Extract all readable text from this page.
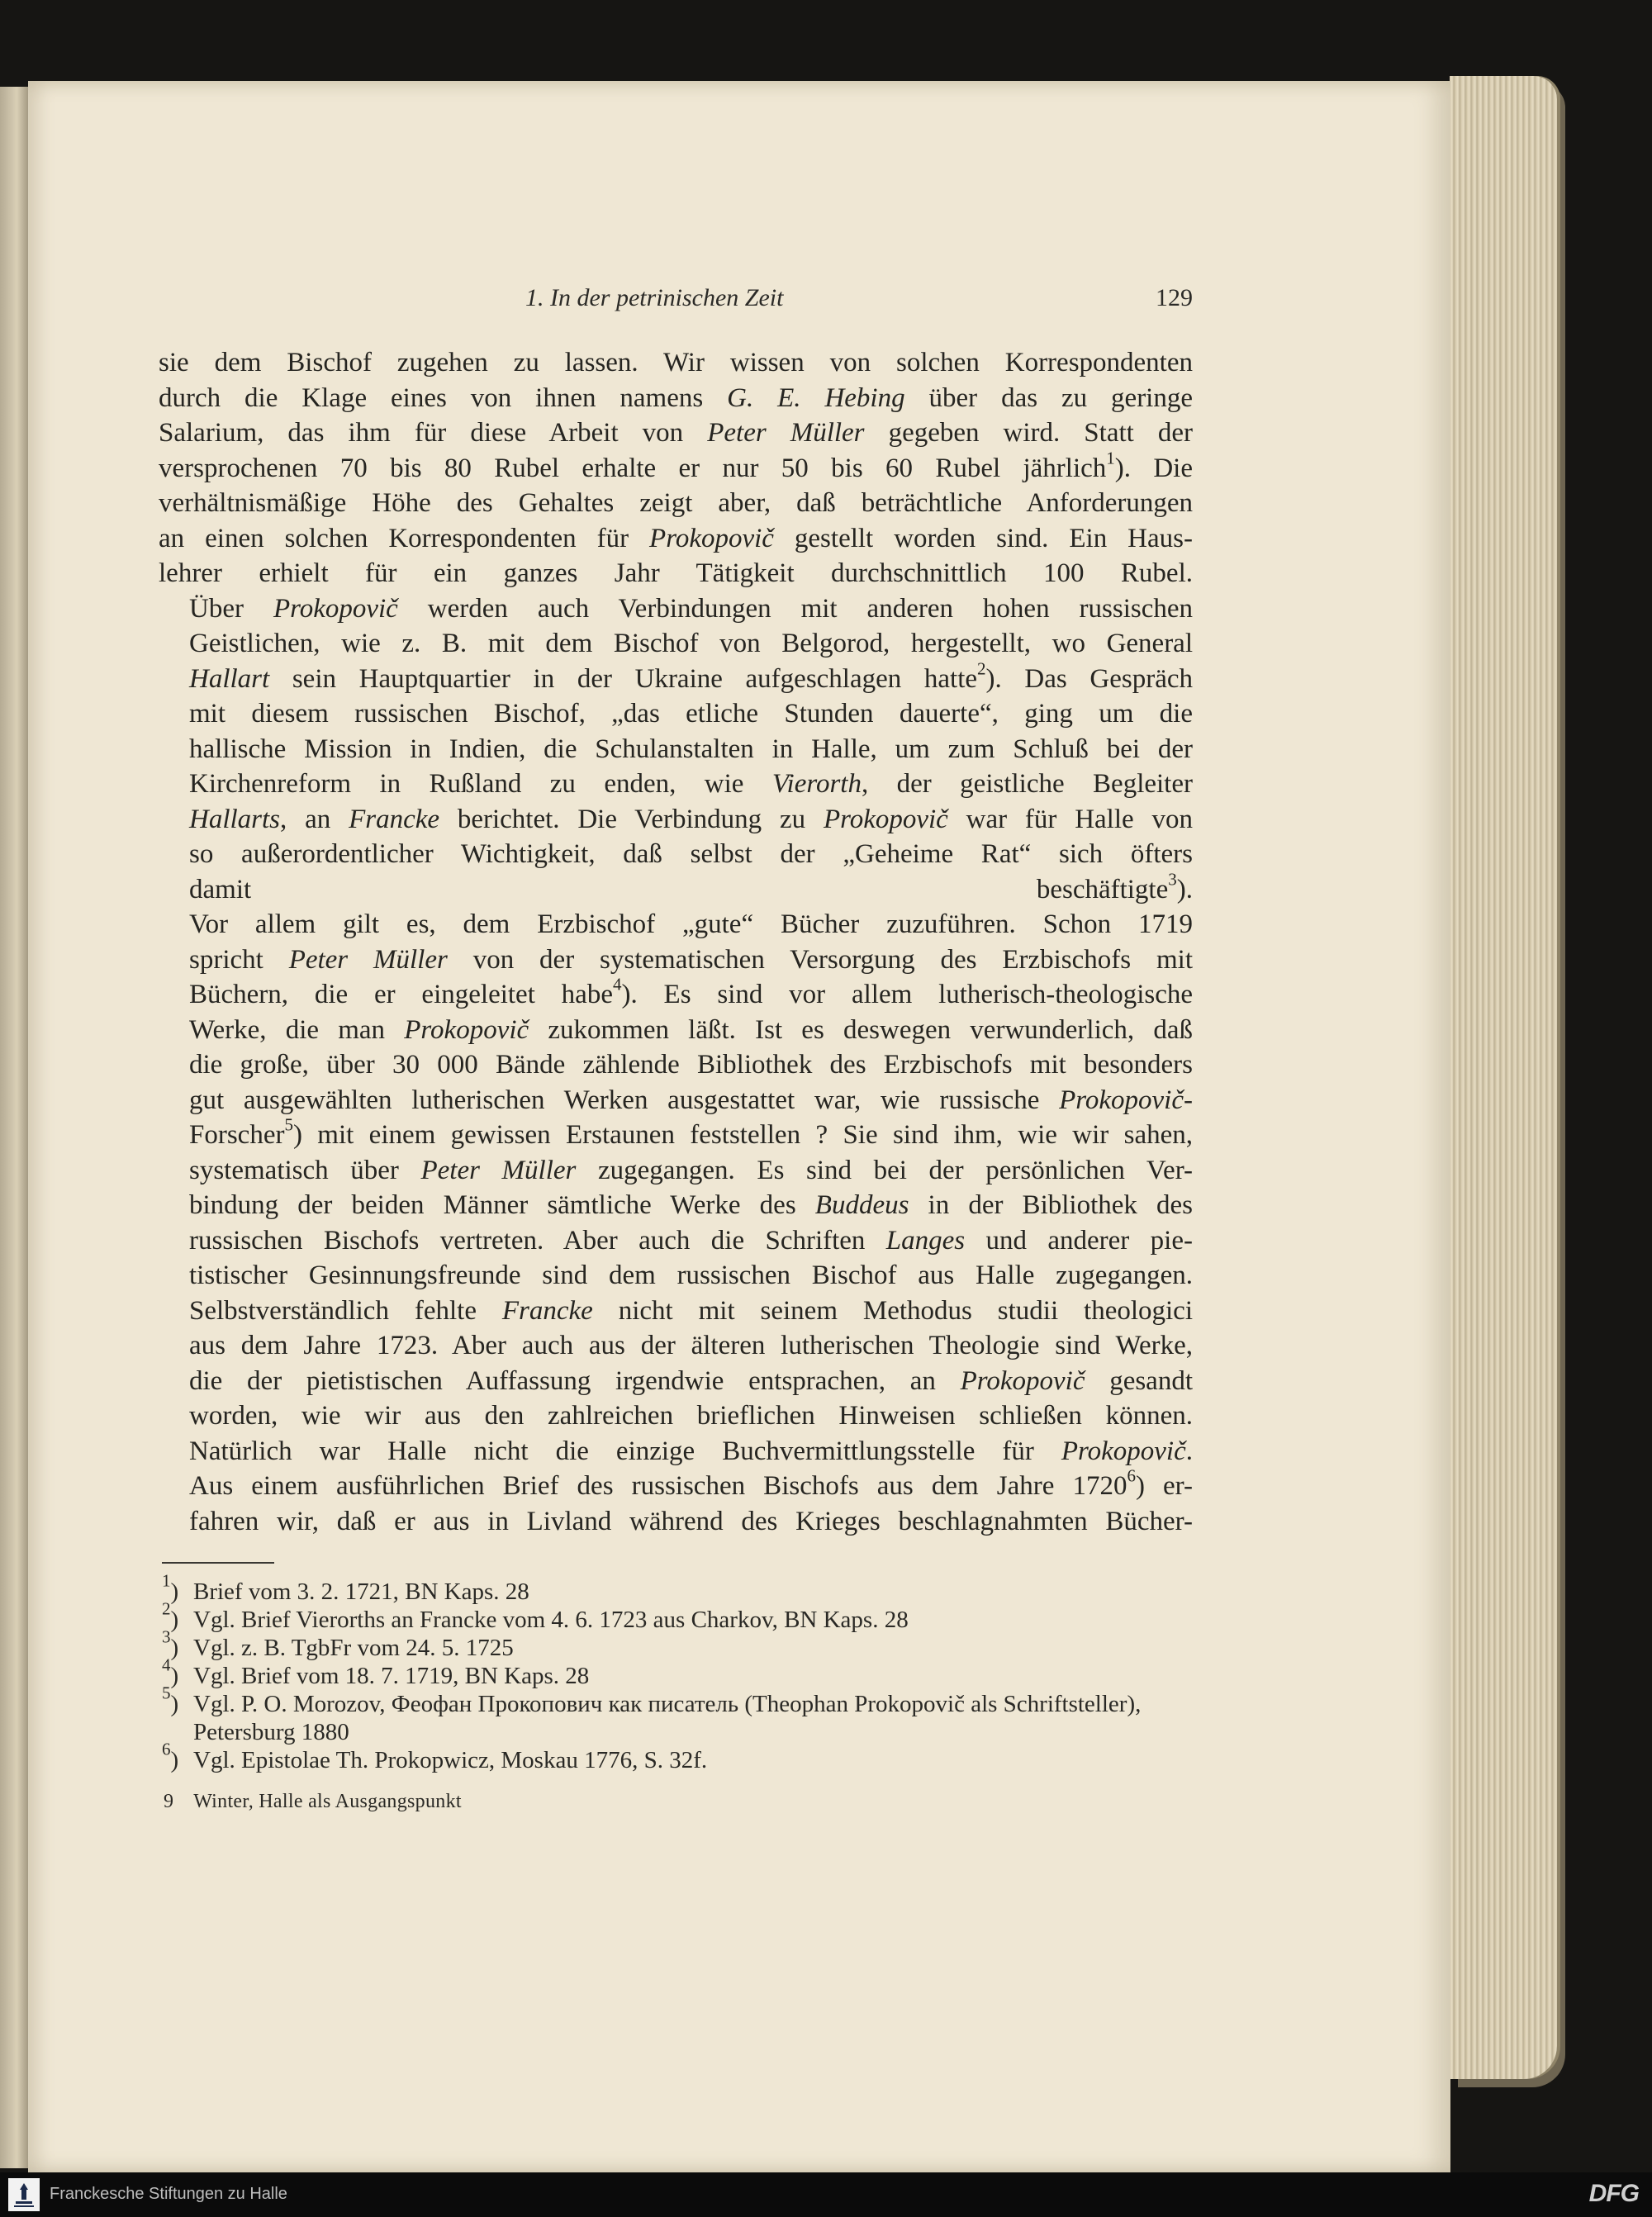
1. In der petrinischen Zeit	129

sie dem Bischof zugehen zu lassen. Wir wissen von solchen Korrespondenten
durch die Klage eines von ihnen namens G. E. Hebing über das zu geringe
Salarium, das ihm für diese Arbeit von Peter Müller gegeben wird. Statt der
versprochenen 70 bis 80 Rubel erhalte er nur 50 bis 60 Rubel jährlich$^1$). Die
verhältnismäßige Höhe des Gehaltes zeigt aber, daß beträchtliche Anforderungen
an einen solchen Korrespondenten für Prokopovič gestellt worden sind. Ein Haus-
lehrer erhielt für ein ganzes Jahr Tätigkeit durchschnittlich 100 Rubel.

Über Prokopovič werden auch Verbindungen mit anderen hohen russischen
Geistlichen, wie z. B. mit dem Bischof von Belgorod, hergestellt, wo General
Hallart sein Hauptquartier in der Ukraine aufgeschlagen hatte$^2$). Das Gespräch
mit diesem russischen Bischof, „das etliche Stunden dauerte“, ging um die
hallische Mission in Indien, die Schulanstalten in Halle, um zum Schluß bei der
Kirchenreform in Rußland zu enden, wie Vierorth, der geistliche Begleiter
Hallarts, an Francke berichtet. Die Verbindung zu Prokopovič war für Halle von
so außerordentlicher Wichtigkeit, daß selbst der „Geheime Rat“ sich öfters
damit beschäftigte$^3$).

Vor allem gilt es, dem Erzbischof „gute“ Bücher zuzuführen. Schon 1719
spricht Peter Müller von der systematischen Versorgung des Erzbischofs mit
Büchern, die er eingeleitet habe$^4$). Es sind vor allem lutherisch-theologische
Werke, die man Prokopovič zukommen läßt. Ist es deswegen verwunderlich, daß
die große, über 30 000 Bände zählende Bibliothek des Erzbischofs mit besonders
gut ausgewählten lutherischen Werken ausgestattet war, wie russische Prokopovič-
Forscher$^5$) mit einem gewissen Erstaunen feststellen ? Sie sind ihm, wie wir sahen,
systematisch über Peter Müller zugegangen. Es sind bei der persönlichen Ver-
bindung der beiden Männer sämtliche Werke des Buddeus in der Bibliothek des
russischen Bischofs vertreten. Aber auch die Schriften Langes und anderer pie-
tistischer Gesinnungsfreunde sind dem russischen Bischof aus Halle zugegangen.
Selbstverständlich fehlte Francke nicht mit seinem Methodus studii theologici
aus dem Jahre 1723. Aber auch aus der älteren lutherischen Theologie sind Werke,
die der pietistischen Auffassung irgendwie entsprachen, an Prokopovič gesandt
worden, wie wir aus den zahlreichen brieflichen Hinweisen schließen können.
Natürlich war Halle nicht die einzige Buchvermittlungsstelle für Prokopovič.
Aus einem ausführlichen Brief des russischen Bischofs aus dem Jahre 1720$^6$) er-
fahren wir, daß er aus in Livland während des Krieges beschlagnahmten Bücher-

$^1$) Brief vom 3. 2. 1721, BN Kaps. 28

$^2$) Vgl. Brief Vierorths an Francke vom 4. 6. 1723 aus Charkov, BN Kaps. 28

$^3$) Vgl. z. B. TgbFr vom 24. 5. 1725

$^4$) Vgl. Brief vom 18. 7. 1719, BN Kaps. 28

$^5$) Vgl. P. O. Morozov, Феофан Прокопович как писатель (Theophan Prokopovič als Schriftsteller), Petersburg 1880

$^6$) Vgl. Epistolae Th. Prokopwicz, Moskau 1776, S. 32f.

9 Winter, Halle als Ausgangspunkt
Franckesche Stiftungen zu Halle	DFG
